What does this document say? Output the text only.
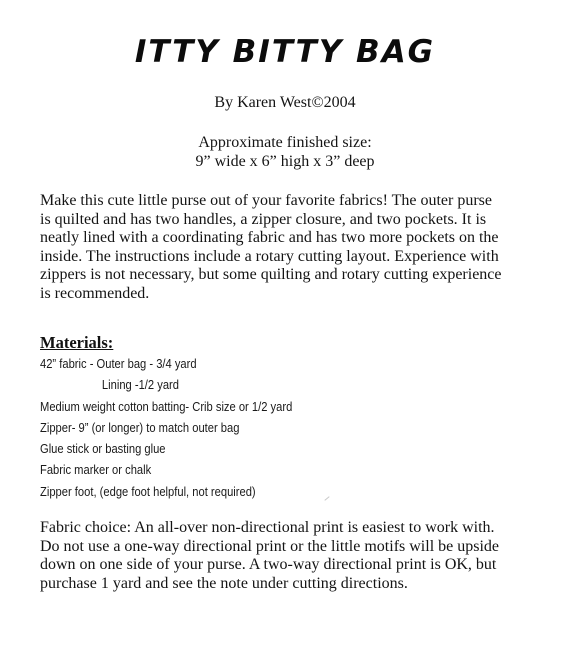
ITTY BITTY BAG
By Karen West©2004
Approximate finished size:
9” wide x 6” high x 3” deep
Make this cute little purse out of your favorite fabrics! The outer purse
is quilted and has two handles, a zipper closure, and two pockets. It is
neatly lined with a coordinating fabric and has two more pockets on the
inside. The instructions include a rotary cutting layout. Experience with
zippers is not necessary, but some quilting and rotary cutting experience
is recommended.
Materials:
42” fabric - Outer bag - 3/4 yard
Lining -1/2 yard
Medium weight cotton batting- Crib size or 1/2 yard
Zipper- 9” (or longer) to match outer bag
Glue stick or basting glue
Fabric marker or chalk
Zipper foot, (edge foot helpful, not required)
Fabric choice: An all-over non-directional print is easiest to work with.
Do not use a one-way directional print or the little motifs will be upside
down on one side of your purse. A two-way directional print is OK, but
purchase 1 yard and see the note under cutting directions.
